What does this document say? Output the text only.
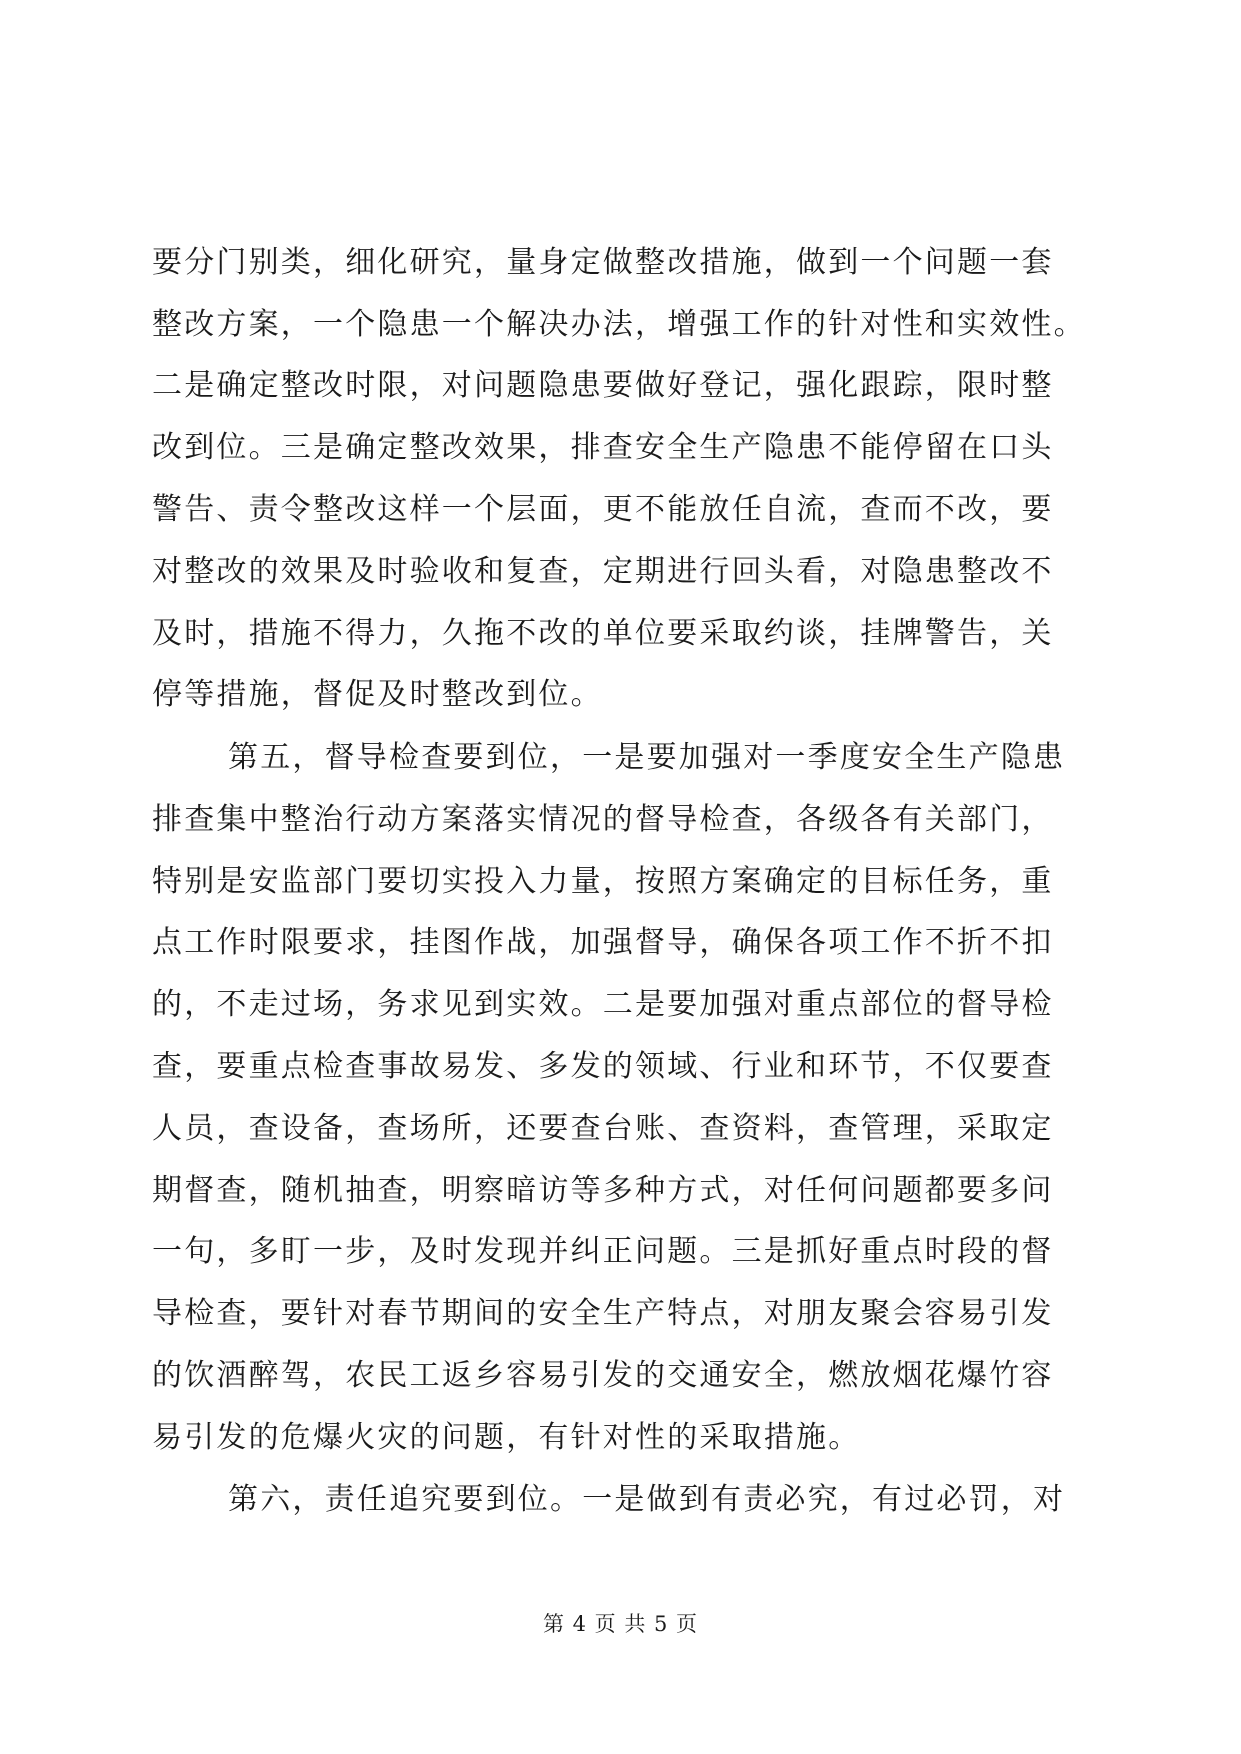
要分门别类，细化研究，量身定做整改措施，做到一个问题一套
整改方案，一个隐患一个解决办法，增强工作的针对性和实效性。
二是确定整改时限，对问题隐患要做好登记，强化跟踪，限时整
改到位。三是确定整改效果，排查安全生产隐患不能停留在口头
警告、责令整改这样一个层面，更不能放任自流，查而不改，要
对整改的效果及时验收和复查，定期进行回头看，对隐患整改不
及时，措施不得力，久拖不改的单位要采取约谈，挂牌警告，关
停等措施，督促及时整改到位。
第五，督导检查要到位，一是要加强对一季度安全生产隐患
排查集中整治行动方案落实情况的督导检查，各级各有关部门，
特别是安监部门要切实投入力量，按照方案确定的目标任务，重
点工作时限要求，挂图作战，加强督导，确保各项工作不折不扣
的，不走过场，务求见到实效。二是要加强对重点部位的督导检
查，要重点检查事故易发、多发的领域、行业和环节，不仅要查
人员，查设备，查场所，还要查台账、查资料，查管理，采取定
期督查，随机抽查，明察暗访等多种方式，对任何问题都要多问
一句，多盯一步，及时发现并纠正问题。三是抓好重点时段的督
导检查，要针对春节期间的安全生产特点，对朋友聚会容易引发
的饮酒醉驾，农民工返乡容易引发的交通安全，燃放烟花爆竹容
易引发的危爆火灾的问题，有针对性的采取措施。
第六，责任追究要到位。一是做到有责必究，有过必罚，对
第 4 页 共 5 页
